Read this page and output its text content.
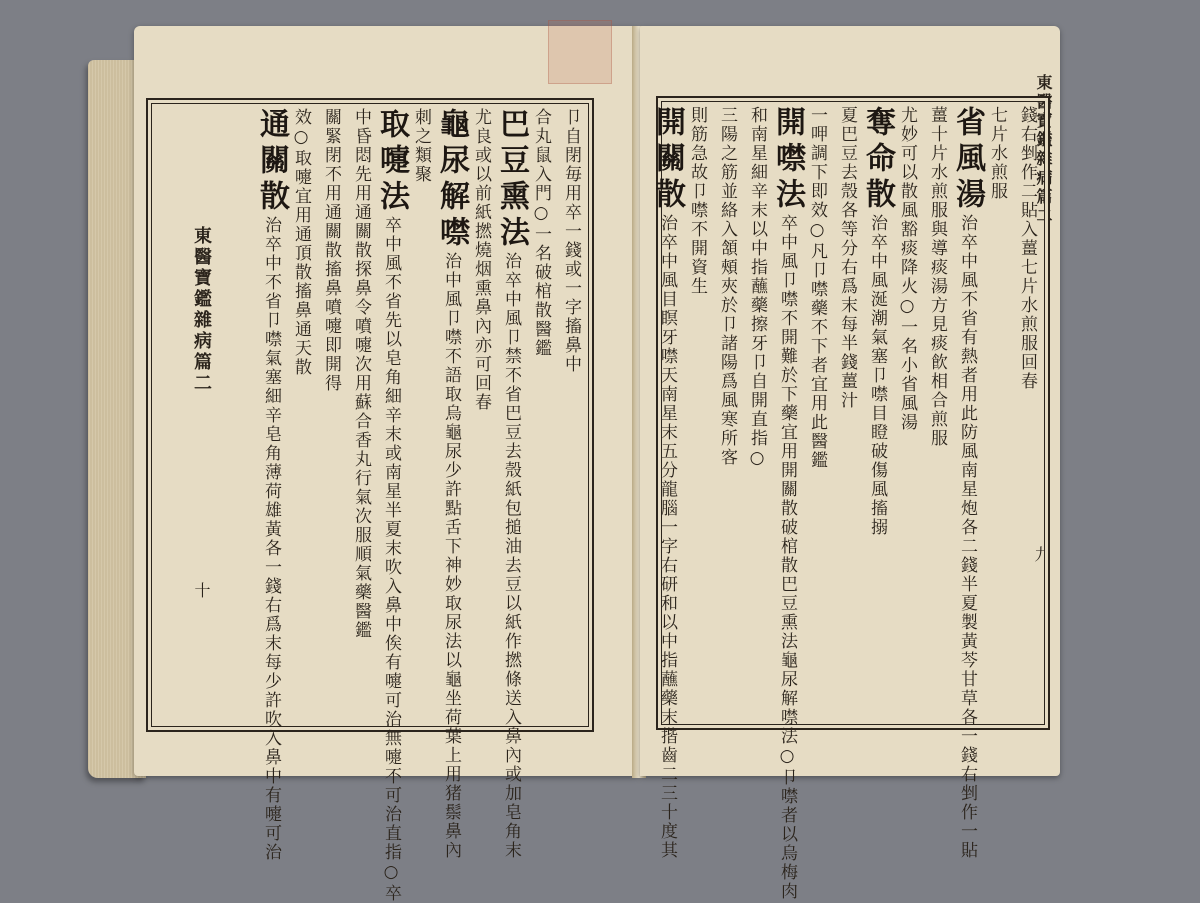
東醫寶鑑雜病篇二
十
卩自閉毎用卒一錢或一字搐鼻中
合丸鼠入門○一名破棺散醫鑑
巴豆熏法治卒中風卩禁不省巴豆去殼紙包搥油去豆以紙作撚條送入鼻內或加皂角末
尤良或以前紙撚燒烟熏鼻內亦可回春
龜尿解噤治中風卩噤不語取烏龜尿少許點舌下神妙取尿法以龜坐荷葉上用猪鬃鼻內
刺之類聚
取嚏法卒中風不省先以皂角細辛末或南星半夏末吹入鼻中俟有嚏可治無嚏不可治直指○卒
中昏悶先用通關散探鼻令噴嚏次用蘇合香丸行氣次服順氣藥醫鑑
關緊閉不用通關散搐鼻噴嚏即開得
效○取嚏宜用通頂散搐鼻通天散
通關散治卒中不省卩噤氣塞細辛皂角薄荷雄黃各一錢右爲末每少許吹入鼻中有嚏可治
東醫寶鑑雜病篇二
九
錢右剉作二貼入薑七片水煎服回春
七片水煎服
省風湯治卒中風不省有熱者用此防風南星炮各二錢半夏製黃芩甘草各一錢右剉作一貼
薑十片水煎服與導痰湯方見痰飮相合煎服
尤妙可以散風豁痰降火○一名小省風湯
奪命散治卒中風涎潮氣塞卩噤目瞪破傷風搐搦
夏巴豆去殼各等分右爲末每半錢薑汁
一呷調下即效○凡卩噤藥不下者宜用此醫鑑
開噤法卒中風卩噤不開難於下藥宜用開關散破棺散巴豆熏法龜尿解噤法○卩噤者以烏梅肉
和南星細辛末以中指蘸藥擦牙卩自開直指○
三陽之筋並絡入頷頰夾於卩諸陽爲風寒所客
則筋急故卩噤不開資生
開關散治卒中風目瞑牙噤天南星末五分龍腦一字右研和以中指蘸藥末揩齒二三十度其
